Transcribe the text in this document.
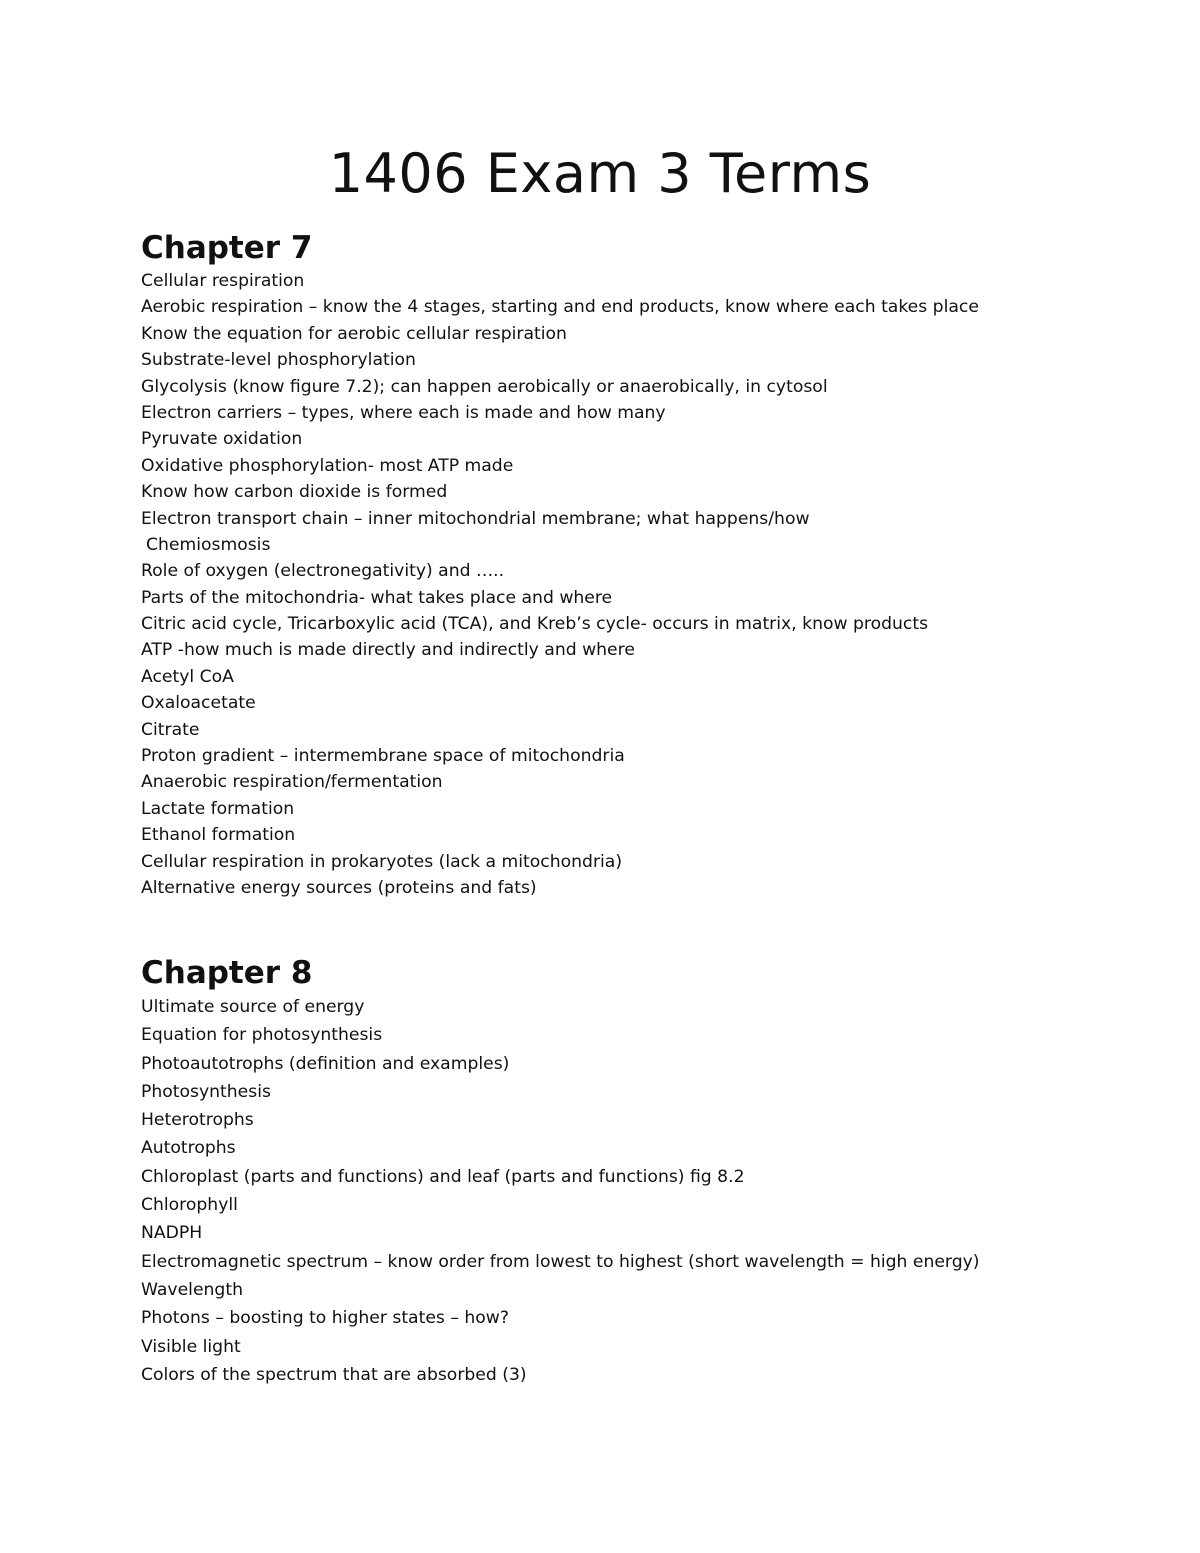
1406 Exam 3 Terms
Chapter 7
Cellular respiration
Aerobic respiration – know the 4 stages, starting and end products, know where each takes place
Know the equation for aerobic cellular respiration
Substrate-level phosphorylation
Glycolysis (know figure 7.2); can happen aerobically or anaerobically, in cytosol
Electron carriers – types, where each is made and how many
Pyruvate oxidation
Oxidative phosphorylation- most ATP made
Know how carbon dioxide is formed
Electron transport chain – inner mitochondrial membrane; what happens/how
Chemiosmosis
Role of oxygen (electronegativity) and …..
Parts of the mitochondria- what takes place and where
Citric acid cycle, Tricarboxylic acid (TCA), and Kreb’s cycle- occurs in matrix, know products
ATP -how much is made directly and indirectly and where
Acetyl CoA
Oxaloacetate
Citrate
Proton gradient – intermembrane space of mitochondria
Anaerobic respiration/fermentation
Lactate formation
Ethanol formation
Cellular respiration in prokaryotes (lack a mitochondria)
Alternative energy sources (proteins and fats)
Chapter 8
Ultimate source of energy
Equation for photosynthesis
Photoautotrophs (definition and examples)
Photosynthesis
Heterotrophs
Autotrophs
Chloroplast (parts and functions) and leaf (parts and functions) fig 8.2
Chlorophyll
NADPH
Electromagnetic spectrum – know order from lowest to highest (short wavelength = high energy)
Wavelength
Photons – boosting to higher states – how?
Visible light
Colors of the spectrum that are absorbed (3)
